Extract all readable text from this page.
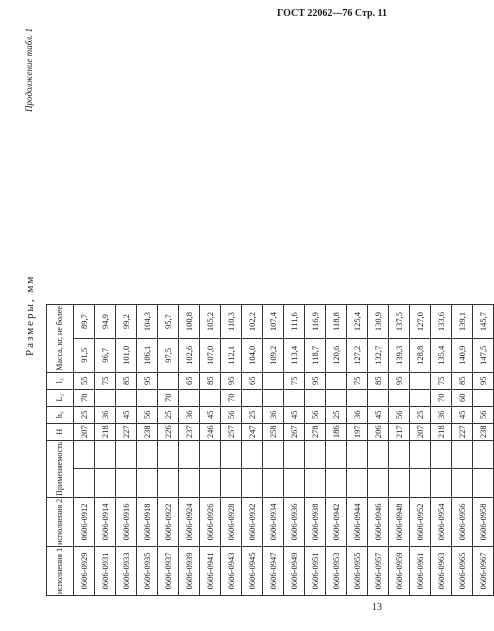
ГОСТ 22062—76 Стр. 11
Размеры, мм
Продолжение табл. 1
исполнения 1	исполнения 2	Применяемость		H	h₃	L₂	l₃	Масса, кг, не более	
0606-0929	0606-0912			207	25	70	55	91,5	89,7
0606-0931	0606-0914			218	36		75	96,7	94,9
0606-0933	0606-0916			227	45		85	101,0	99,2
0606-0935	0606-0918			238	56		95	106,1	104,3
0606-0937	0606-0922			226	25	70		97,5	95,7
0606-0939	0606-0924			237	36		65	102,6	100,8
0606-0941	0606-0926			246	45		85	107,0	105,2
0606-0943	0606-0928			257	56	70	95	112,1	110,3
0606-0945	0606-0932			247	25		65	104,0	102,2
0606-0947	0606-0934			258	36			109,2	107,4
0606-0949	0606-0936			267	45		75	113,4	111,6
0606-0951	0606-0938			278	56		95	118,7	116,9
0606-0953	0606-0942			186	25			120,6	118,8
0606-0955	0606-0944			197	36		75	127,2	125,4
0606-0957	0606-0946			206	45		85	132,7	130,9
0606-0959	0606-0948			217	56		95	139,3	137,5
0606-0961	0606-0952			207	25			128,8	127,0
0606-0963	0606-0954			218	36	70	75	135,4	133,6
0606-0965	0606-0956			227	45	60	85	140,9	139,1
0606-0967	0606-0958			238	56		95	147,5	145,7
13
